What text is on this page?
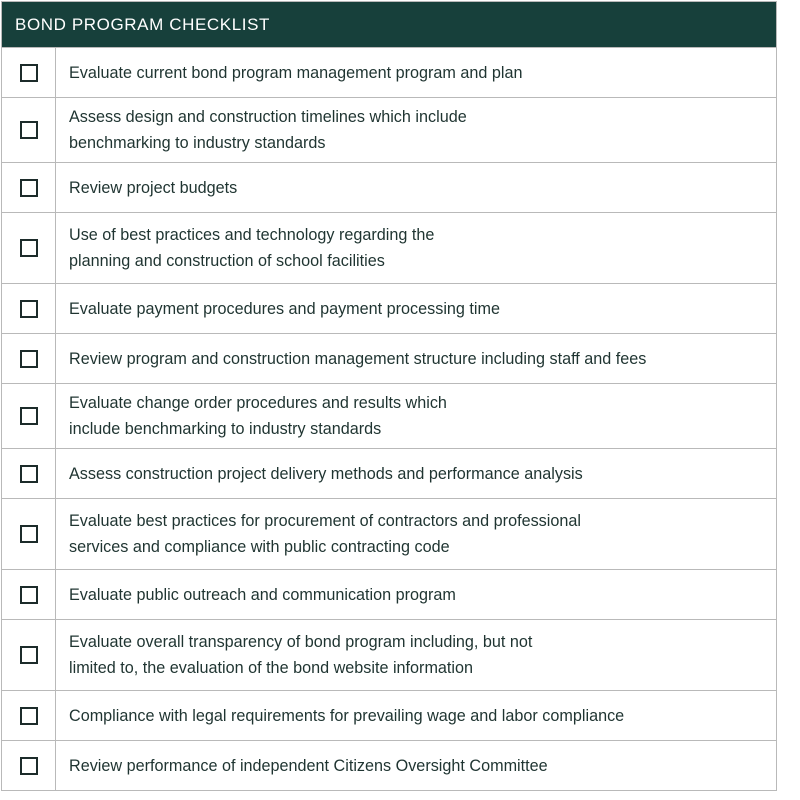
BOND PROGRAM CHECKLIST
Evaluate current bond program management program and plan
Assess design and construction timelines which include
benchmarking to industry standards
Review project budgets
Use of best practices and technology regarding the
planning and construction of school facilities
Evaluate payment procedures and payment processing time
Review program and construction management structure including staff and fees
Evaluate change order procedures and results which
include benchmarking to industry standards
Assess construction project delivery methods and performance analysis
Evaluate best practices for procurement of contractors and professional
services and compliance with public contracting code
Evaluate public outreach and communication program
Evaluate overall transparency of bond program including, but not
limited to, the evaluation of the bond website information
Compliance with legal requirements for prevailing wage and labor compliance
Review performance of independent Citizens Oversight Committee
